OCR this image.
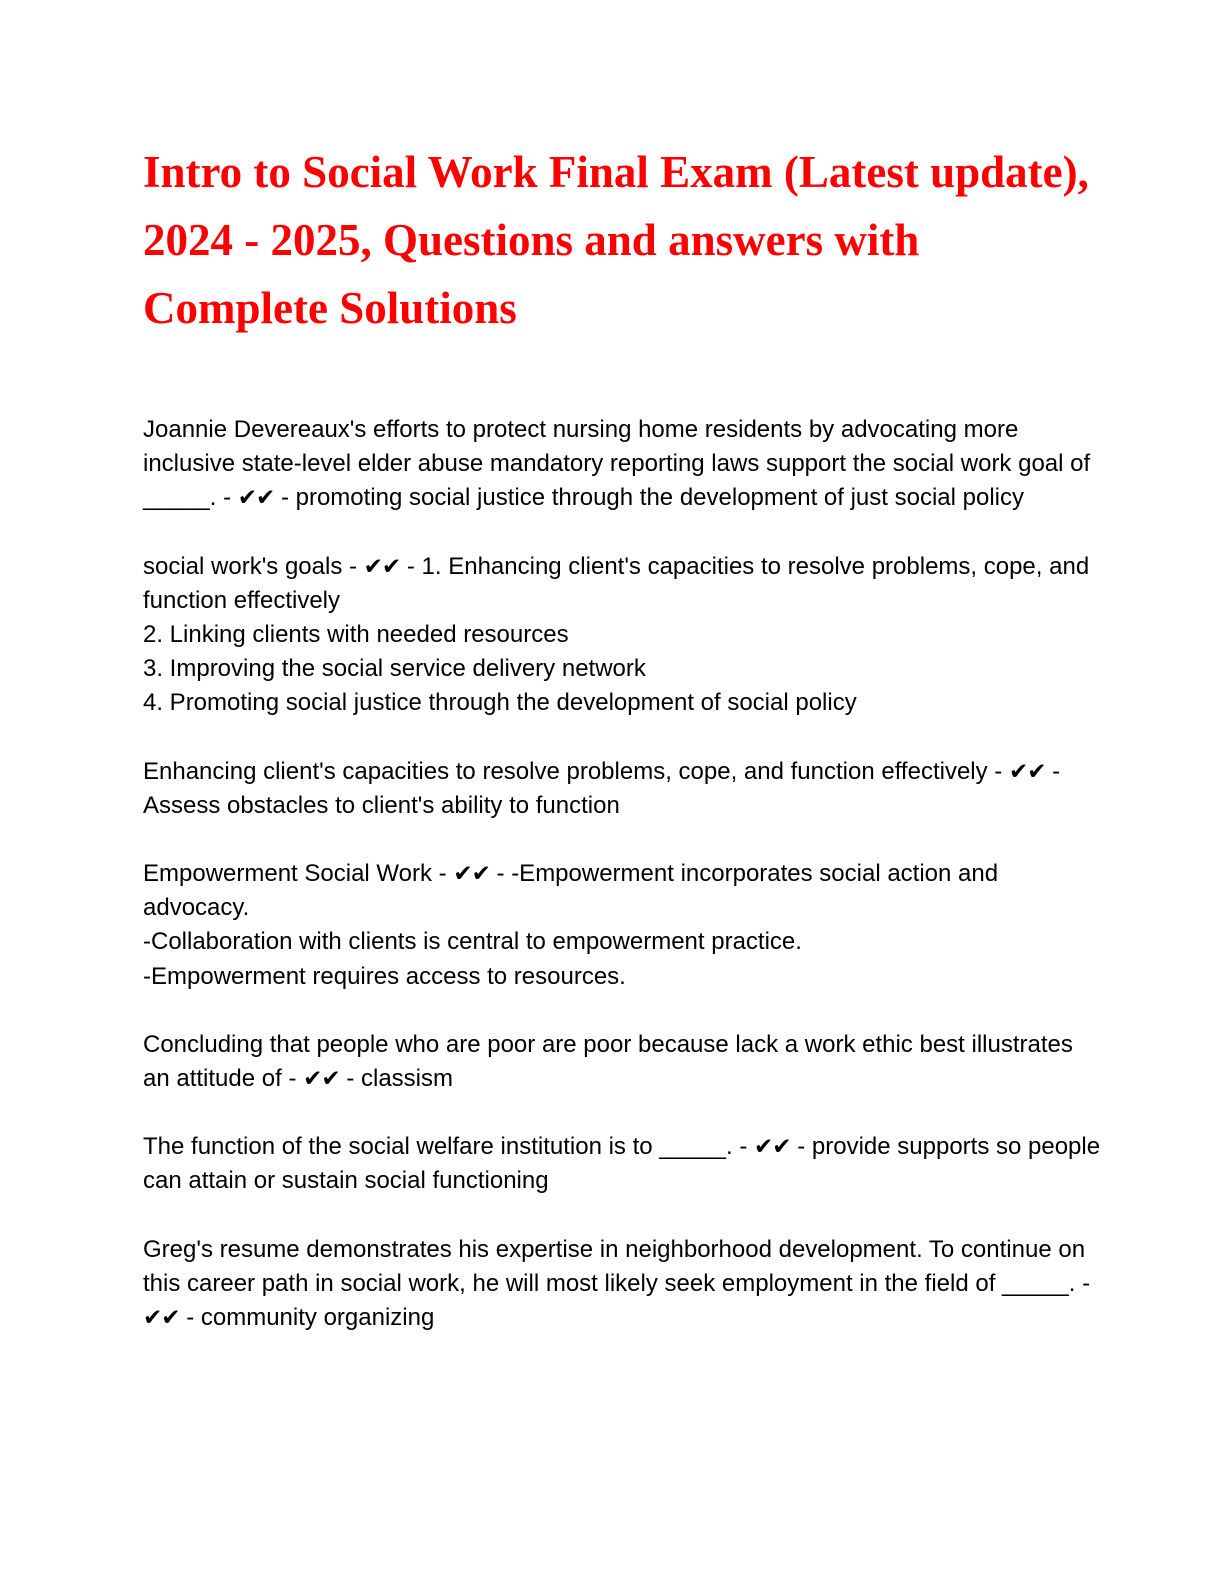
Intro to Social Work Final Exam (Latest update), 2024 - 2025, Questions and answers with Complete Solutions

Joannie Devereaux's efforts to protect nursing home residents by advocating more inclusive state-level elder abuse mandatory reporting laws support the social work goal of _____. - ✔✔ - promoting social justice through the development of just social policy

social work's goals - ✔✔ - 1. Enhancing client's capacities to resolve problems, cope, and function effectively
2. Linking clients with needed resources
3. Improving the social service delivery network
4. Promoting social justice through the development of social policy

Enhancing client's capacities to resolve problems, cope, and function effectively - ✔✔ - Assess obstacles to client's ability to function

Empowerment Social Work - ✔✔ - -Empowerment incorporates social action and advocacy.
-Collaboration with clients is central to empowerment practice.
-Empowerment requires access to resources.

Concluding that people who are poor are poor because lack a work ethic best illustrates an attitude of - ✔✔ - classism

The function of the social welfare institution is to _____. - ✔✔ - provide supports so people can attain or sustain social functioning

Greg's resume demonstrates his expertise in neighborhood development. To continue on this career path in social work, he will most likely seek employment in the field of _____. - ✔✔ - community organizing
